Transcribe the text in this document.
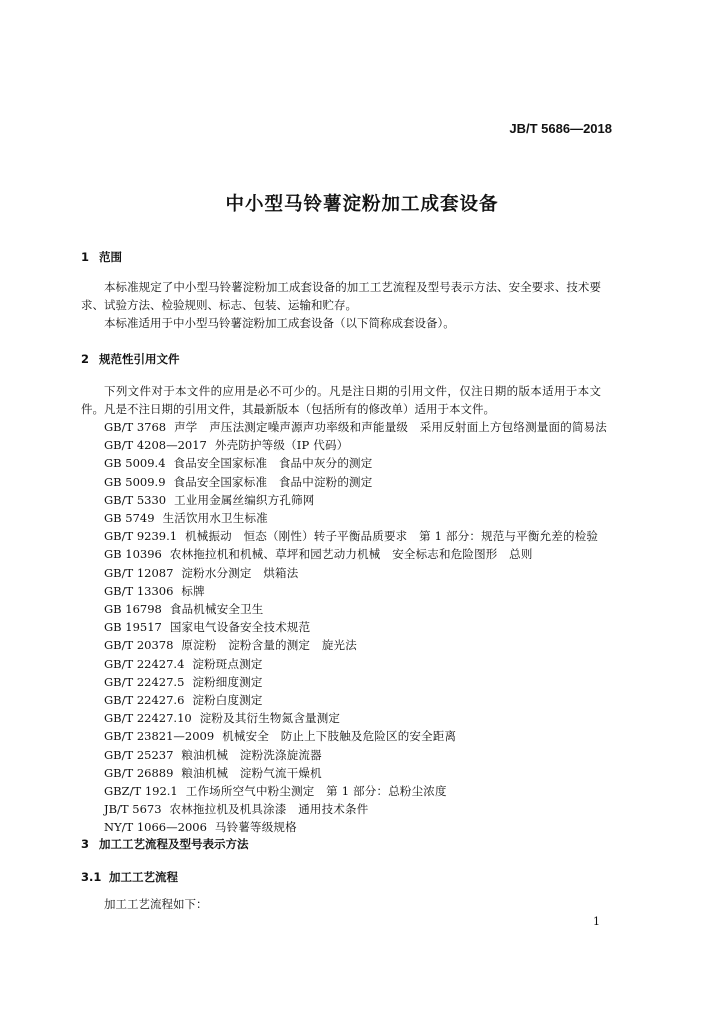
JB/T 5686—2018
中小型马铃薯淀粉加工成套设备
1 范围

本标准规定了中小型马铃薯淀粉加工成套设备的加工工艺流程及型号表示方法、安全要求、技术要求、试验方法、检验规则、标志、包装、运输和贮存。

本标准适用于中小型马铃薯淀粉加工成套设备（以下简称成套设备）。

2 规范性引用文件

下列文件对于本文件的应用是必不可少的。凡是注日期的引用文件，仅注日期的版本适用于本文件。凡是不注日期的引用文件，其最新版本（包括所有的修改单）适用于本文件。

GB/T 3768 声学　声压法测定噪声源声功率级和声能量级　采用反射面上方包络测量面的简易法
GB/T 4208—2017 外壳防护等级（IP 代码）
GB 5009.4 食品安全国家标准　食品中灰分的测定
GB 5009.9 食品安全国家标准　食品中淀粉的测定
GB/T 5330 工业用金属丝编织方孔筛网
GB 5749 生活饮用水卫生标准
GB/T 9239.1 机械振动　恒态（刚性）转子平衡品质要求　第 1 部分：规范与平衡允差的检验
GB 10396 农林拖拉机和机械、草坪和园艺动力机械　安全标志和危险图形　总则
GB/T 12087 淀粉水分测定　烘箱法
GB/T 13306 标牌
GB 16798 食品机械安全卫生
GB 19517 国家电气设备安全技术规范
GB/T 20378 原淀粉　淀粉含量的测定　旋光法
GB/T 22427.4 淀粉斑点测定
GB/T 22427.5 淀粉细度测定
GB/T 22427.6 淀粉白度测定
GB/T 22427.10 淀粉及其衍生物氮含量测定
GB/T 23821—2009 机械安全　防止上下肢触及危险区的安全距离
GB/T 25237 粮油机械　淀粉洗涤旋流器
GB/T 26889 粮油机械　淀粉气流干燥机
GBZ/T 192.1 工作场所空气中粉尘测定　第 1 部分：总粉尘浓度
JB/T 5673 农林拖拉机及机具涂漆　通用技术条件
NY/T 1066—2006 马铃薯等级规格
3 加工工艺流程及型号表示方法
3.1 加工工艺流程

加工工艺流程如下：

1
